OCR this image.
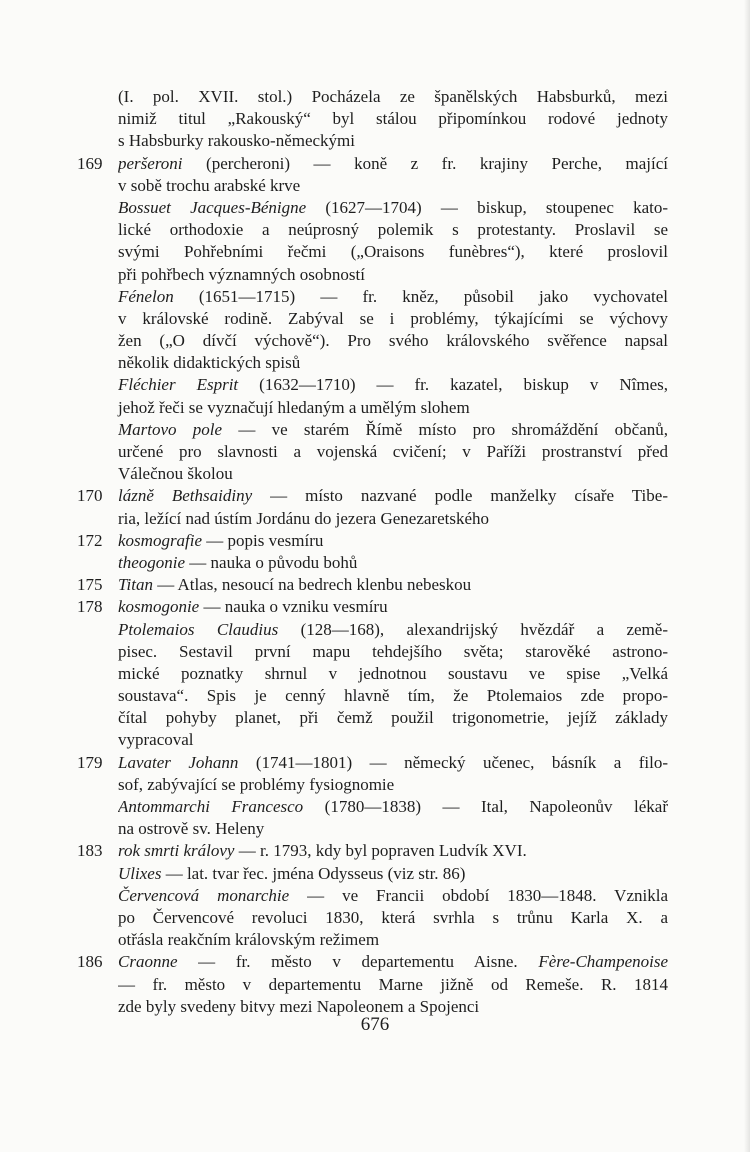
(I. pol. XVII. stol.) Pocházela ze španělských Habsburků, mezi
nimiž titul „Rakouský“ byl stálou připomínkou rodové jednoty
s Habsburky rakousko-německými
169 peršeroni (percheroni) — koně z fr. krajiny Perche, mající
v sobě trochu arabské krve
Bossuet Jacques-Bénigne (1627—1704) — biskup, stoupenec kato-
lické orthodoxie a neúprosný polemik s protestanty. Proslavil se
svými Pohřebními řečmi („Oraisons funèbres“), které proslovil
při pohřbech významných osobností
Fénelon (1651—1715) — fr. kněz, působil jako vychovatel
v královské rodině. Zabýval se i problémy, týkajícími se výchovy
žen („O dívčí výchově“). Pro svého královského svěřence napsal
několik didaktických spisů
Fléchier Esprit (1632—1710) — fr. kazatel, biskup v Nîmes,
jehož řeči se vyznačují hledaným a umělým slohem
Martovo pole — ve starém Římě místo pro shromáždění občanů,
určené pro slavnosti a vojenská cvičení; v Paříži prostranství před
Válečnou školou
170 lázně Bethsaidiny — místo nazvané podle manželky císaře Tibe-
ria, ležící nad ústím Jordánu do jezera Genezaretského
172 kosmografie — popis vesmíru
theogonie — nauka o původu bohů
175 Titan — Atlas, nesoucí na bedrech klenbu nebeskou
178 kosmogonie — nauka o vzniku vesmíru
Ptolemaios Claudius (128—168), alexandrijský hvězdář a země-
pisec. Sestavil první mapu tehdejšího světa; starověké astrono-
mické poznatky shrnul v jednotnou soustavu ve spise „Velká
soustava“. Spis je cenný hlavně tím, že Ptolemaios zde propo-
čítal pohyby planet, při čemž použil trigonometrie, jejíž základy
vypracoval
179 Lavater Johann (1741—1801) — německý učenec, básník a filo-
sof, zabývající se problémy fysiognomie
Antommarchi Francesco (1780—1838) — Ital, Napoleonův lékař
na ostrově sv. Heleny
183 rok smrti královy — r. 1793, kdy byl popraven Ludvík XVI.
Ulixes — lat. tvar řec. jména Odysseus (viz str. 86)
Červencová monarchie — ve Francii období 1830—1848. Vznikla
po Červencové revoluci 1830, která svrhla s trůnu Karla X. a
otřásla reakčním královským režimem
186 Craonne — fr. město v departementu Aisne. Fère-Champenoise
— fr. město v departementu Marne jižně od Remeše. R. 1814
zde byly svedeny bitvy mezi Napoleonem a Spojenci
676
